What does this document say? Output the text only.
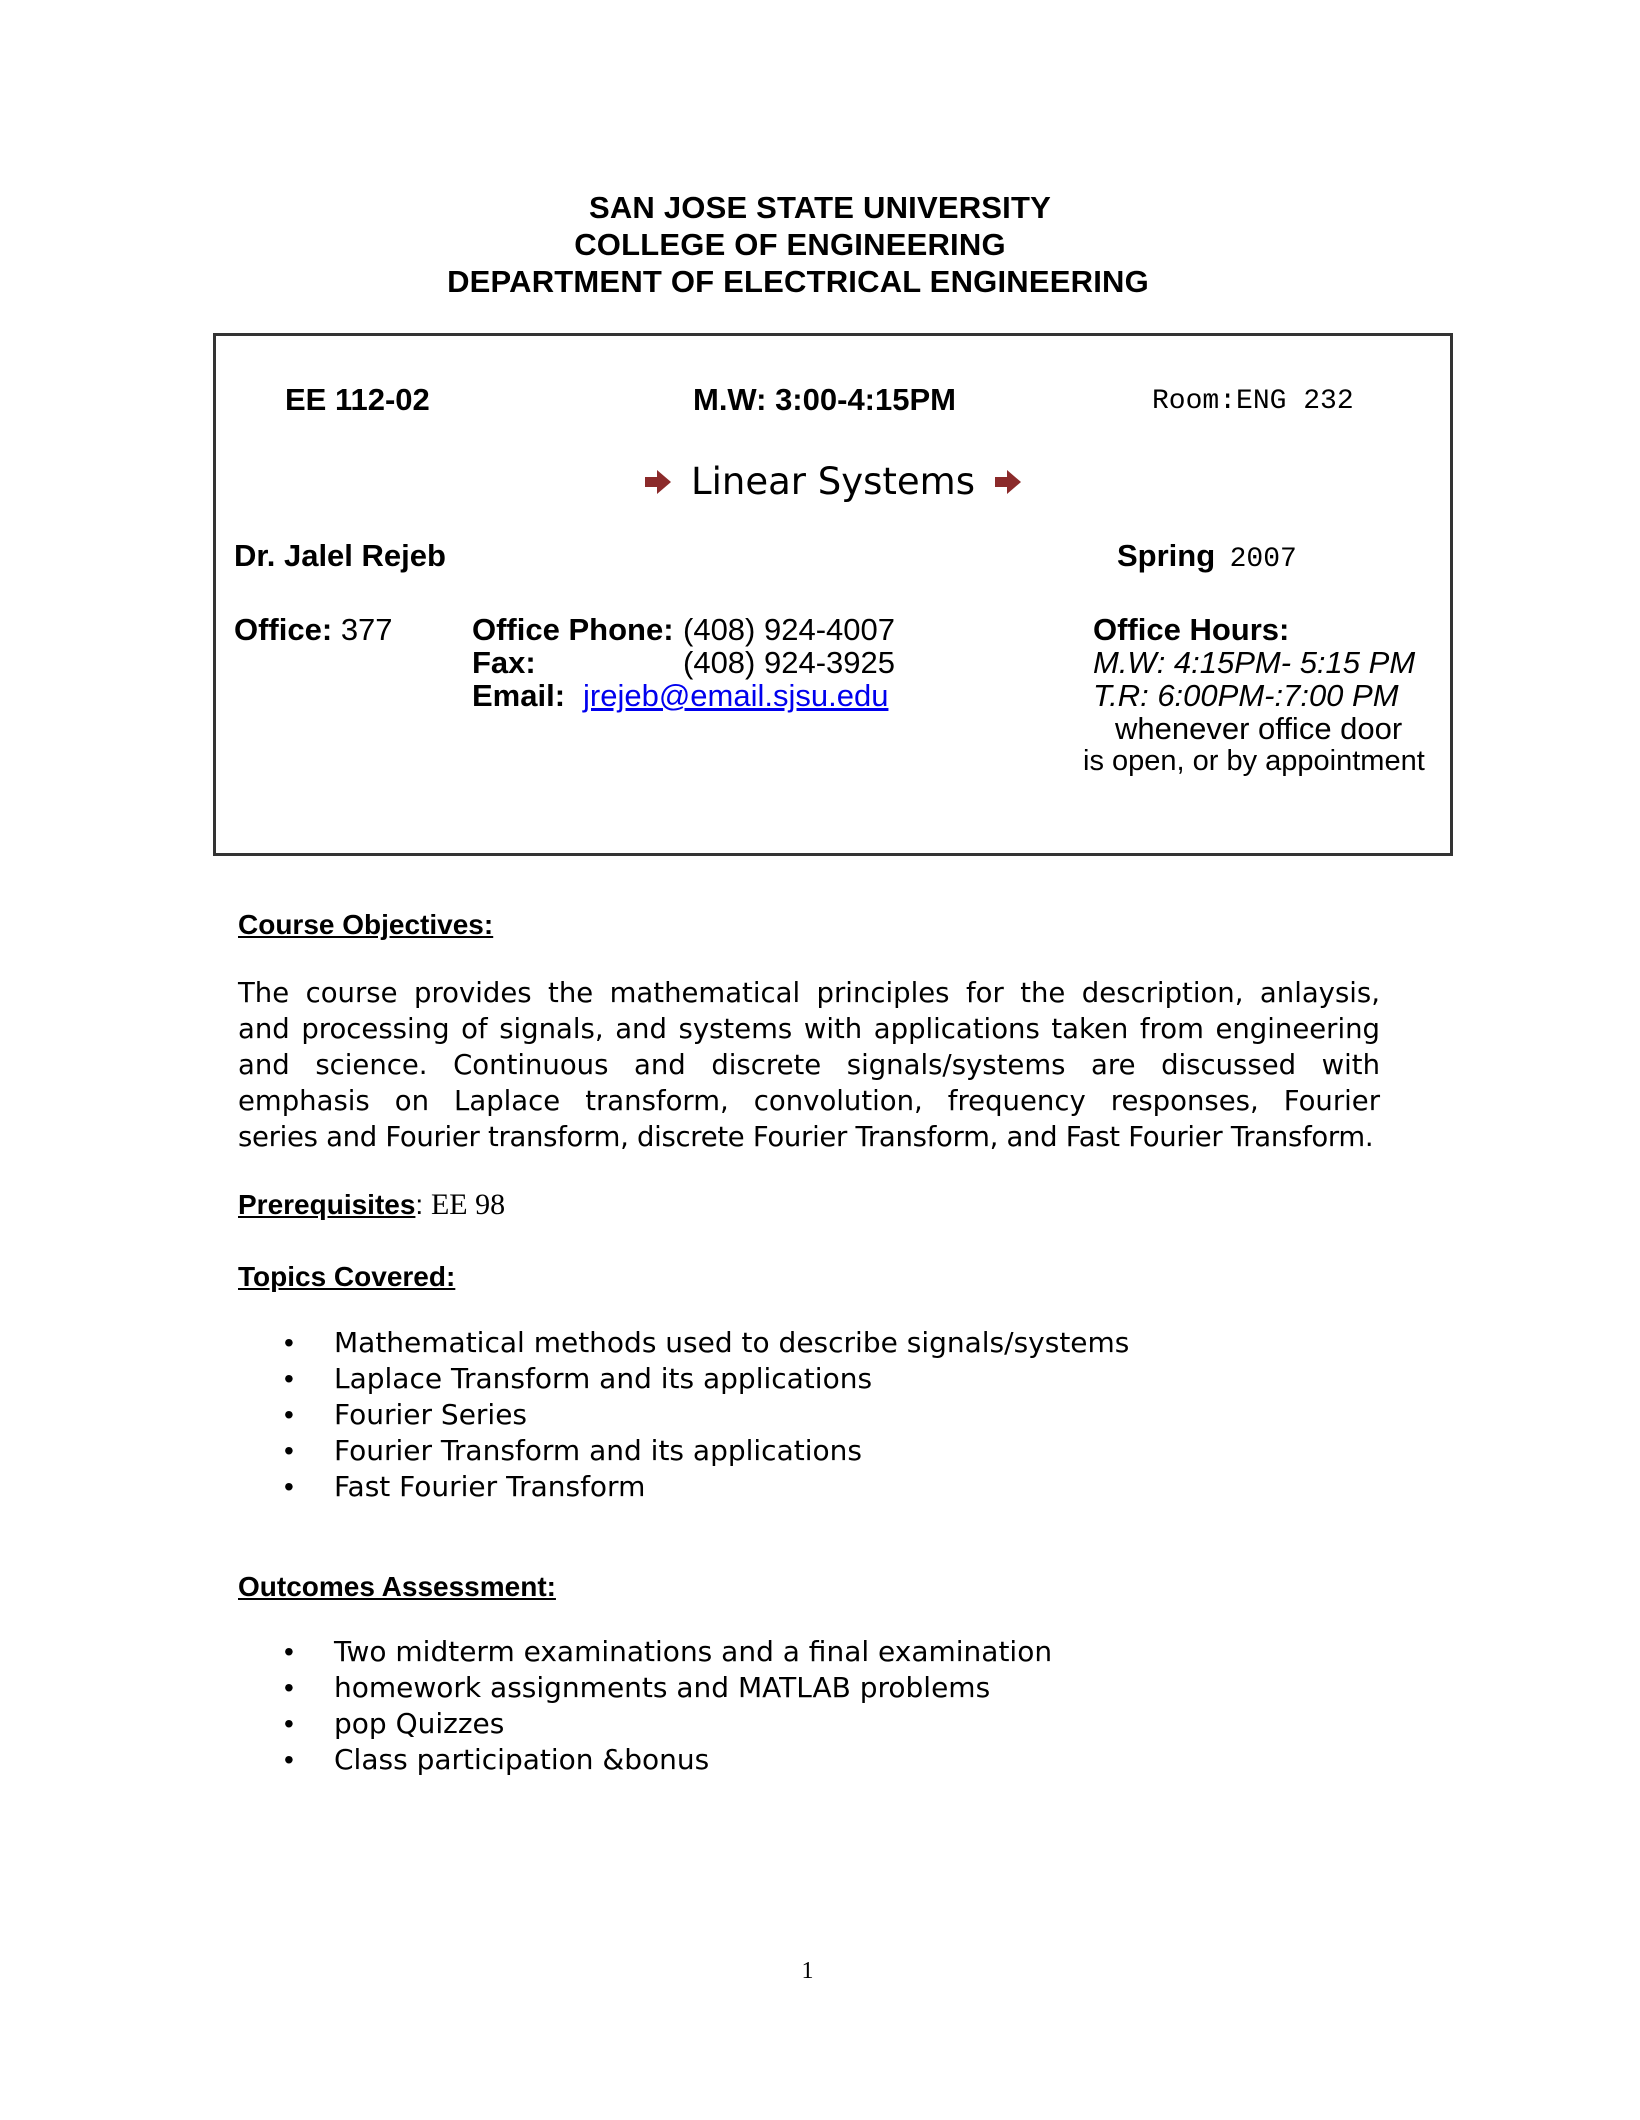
SAN JOSE STATE UNIVERSITY
COLLEGE OF ENGINEERING
DEPARTMENT OF ELECTRICAL ENGINEERING
EE 112-02	M.W: 3:00-4:15PM	Room:ENG 232
Linear Systems
Dr. Jalel Rejeb	Spring 2007
Office: 377	Office Phone: (408) 924-4007
Fax:	(408) 924-3925
Email: jrejeb@email.sjsu.edu
Office Hours:
M.W: 4:15PM- 5:15 PM
T.R: 6:00PM-:7:00 PM
whenever office door
is open, or by appointment
Course Objectives:
The course provides the mathematical principles for the description, anlaysis,
and processing of signals, and systems with applications taken from engineering
and science. Continuous and discrete signals/systems are discussed with
emphasis on Laplace transform, convolution, frequency responses, Fourier
series and Fourier transform, discrete Fourier Transform, and Fast Fourier Transform.
Prerequisites: EE 98
Topics Covered:
Mathematical methods used to describe signals/systems
Laplace Transform and its applications
Fourier Series
Fourier Transform and its applications
Fast Fourier Transform
Outcomes Assessment:
Two midterm examinations and a final examination
homework assignments and MATLAB problems
pop Quizzes
Class participation &bonus
1
